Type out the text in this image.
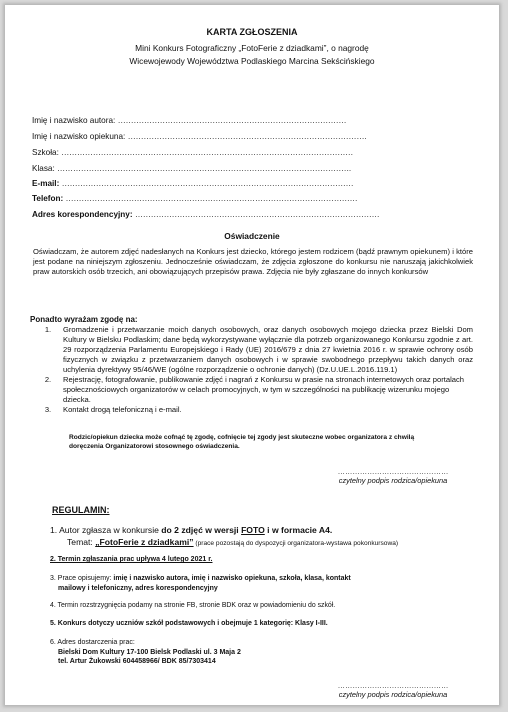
KARTA ZGŁOSZENIA
Mini Konkurs Fotograficzny „FotoFerie z dziadkami”, o nagrodę
Wicewojewody Województwa Podlaskiego Marcina Sekścińskiego
Imię i nazwisko autora: ……………………………………………………………………………
Imię i nazwisko opiekuna: ……………………………………………………………………………….
Szkoła: …………………………………………………………………………………………………
Klasa: ………………………………………………………………………………………………….
E-mail: …………………………………………………………………………………………………
Telefon: …………………………………………………………………………………………………
Adres korespondencyjny: …………………………………………………………………………………
Oświadczenie
Oświadczam, że autorem zdjęć nadesłanych na Konkurs jest dziecko, którego jestem rodzicem (bądź prawnym opiekunem) i które jest podane na niniejszym zgłoszeniu. Jednocześnie oświadczam, że zdjęcia zgłoszone do konkursu nie naruszają jakichkolwiek praw autorskich osób trzecich, ani obowiązujących przepisów prawa. Zdjęcia nie były zgłaszane do innych konkursów
Ponadto wyrażam zgodę na:
1.	Gromadzenie i przetwarzanie moich danych osobowych, oraz danych osobowych mojego dziecka przez Bielski Dom Kultury w Bielsku Podlaskim; dane będą wykorzystywane wyłącznie dla potrzeb organizowanego Konkursu zgodnie z art. 29 rozporządzenia Parlamentu Europejskiego i Rady (UE) 2016/679 z dnia 27 kwietnia 2016 r. w sprawie ochrony osób fizycznych w związku z przetwarzaniem danych osobowych i w sprawie swobodnego przepływu takich danych oraz uchylenia dyrektywy 95/46/WE (ogólne rozporządzenie o ochronie danych) (Dz.U.UE.L.2016.119.1)
2.	Rejestrację, fotografowanie, publikowanie zdjęć i nagrań z Konkursu w prasie na stronach internetowych oraz portalach społecznościowych organizatorów w celach promocyjnych, w tym w szczególności na publikację wizerunku mojego dziecka.
3.	Kontakt drogą telefoniczną i e-mail.
Rodzic/opiekun dziecka może cofnąć tę zgodę, cofnięcie tej zgody jest skuteczne wobec organizatora z chwilą doręczenia Organizatorowi stosownego oświadczenia.
………………………………………
czytelny podpis rodzica/opiekuna
REGULAMIN:
1. Autor zgłasza w konkursie do 2 zdjęć w wersji FOTO i w formacie A4.
Temat: „FotoFerie z dziadkami” (prace pozostają do dyspozycji organizatora-wystawa pokonkursowa)
2. Termin zgłaszania prac upływa 4 lutego 2021 r.
3. Prace opisujemy: imię i nazwisko autora, imię i nazwisko opiekuna, szkoła, klasa, kontakt
mailowy i telefoniczny, adres korespondencyjny
4. Termin rozstrzygnięcia podamy na stronie FB, stronie BDK oraz w powiadomieniu do szkół.
5. Konkurs dotyczy uczniów szkół podstawowych i obejmuje 1 kategorię: Klasy I-III.
6. Adres dostarczenia prac:
Bielski Dom Kultury 17-100 Bielsk Podlaski ul. 3 Maja 2
tel. Artur Żukowski 604458966/ BDK 85/7303414
………………………………………
czytelny podpis rodzica/opiekuna
